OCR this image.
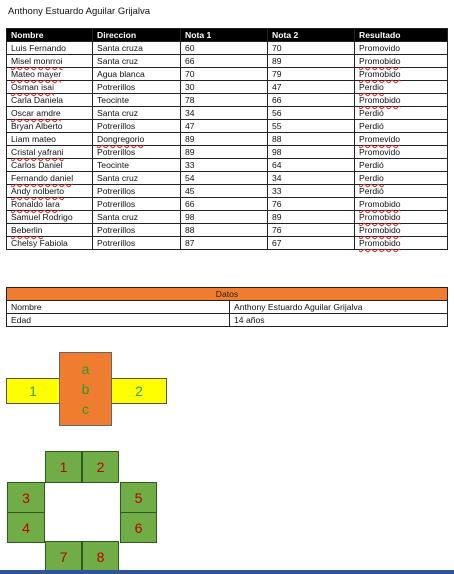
Anthony Estuardo Aguilar Grijalva
Nombre	Direccion	Nota 1	Nota 2	Resultado
Luis Fernando	Santa cruza	60	70	Promovido
Misel monrroi	Santa cruz	66	89	Promobido
Mateo mayer	Agua blanca	70	79	Promobido
Osman isai	Potrerillos	30	47	Perdio
Carla Daniela	Teocinte	78	66	Promobido
Oscar amdre	Santa cruz	34	56	Perdió
Bryan Alberto	Potrerillos	47	55	Perdió
Liam mateo	Dongregorio	89	88	Promevido
Cristal yafrani	Potrerillos	89	98	Promovido
Carlos Daniel	Teocinte	33	64	Perdió
Fernando daniel	Santa cruz	54	34	Perdio
Andy nolberto	Potrerillos	45	33	Perdió
Ronaldo lara	Potrerillos	66	76	Promobido
Samuel Rodrigo	Santa cruz	98	89	Promobido
Beberlin	Potrerillos	88	76	Promobido
Chelsy Fabiola	Potrerillos	87	67	Promobido
Datos	
Nombre	Anthony Estuardo Aguilar Grijalva
Edad	14 años
1	2
a
b
c
1 2
3
4
5
6
7 8
